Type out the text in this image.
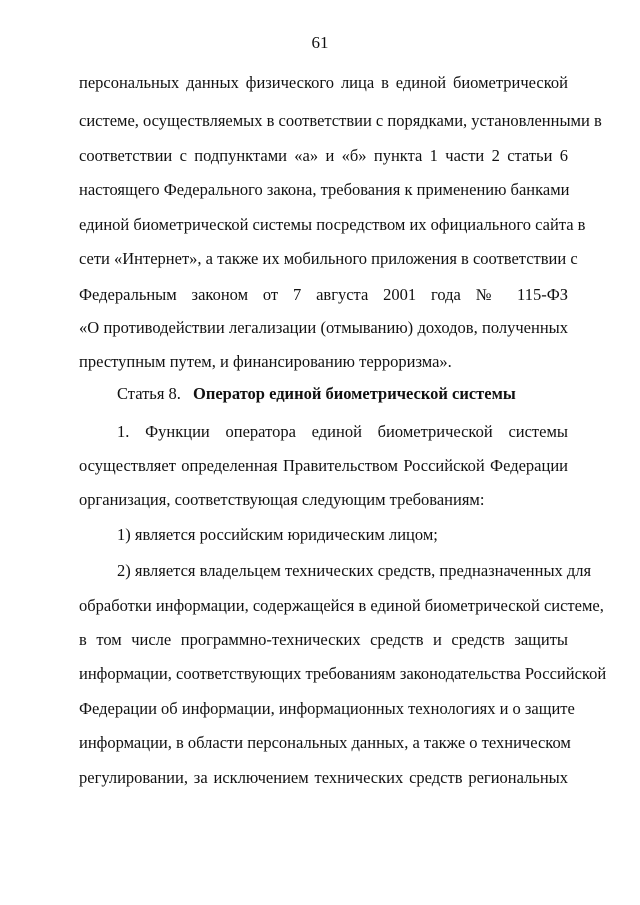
61
персональных данных физического лица в единой биометрической
системе, осуществляемых в соответствии с порядками, установленными в
соответствии с подпунктами «а» и «б» пункта 1 части 2 статьи 6
настоящего Федерального закона, требования к применению банками
единой биометрической системы посредством их официального сайта в
сети «Интернет», а также их мобильного приложения в соответствии с
Федеральным законом от 7 августа 2001 года № 115-ФЗ
«О противодействии легализации (отмыванию) доходов, полученных
преступным путем, и финансированию терроризма».
Статья 8. Оператор единой биометрической системы
1. Функции оператора единой биометрической системы
осуществляет определенная Правительством Российской Федерации
организация, соответствующая следующим требованиям:
1) является российским юридическим лицом;
2) является владельцем технических средств, предназначенных для
обработки информации, содержащейся в единой биометрической системе,
в том числе программно-технических средств и средств защиты
информации, соответствующих требованиям законодательства Российской
Федерации об информации, информационных технологиях и о защите
информации, в области персональных данных, а также о техническом
регулировании, за исключением технических средств региональных
